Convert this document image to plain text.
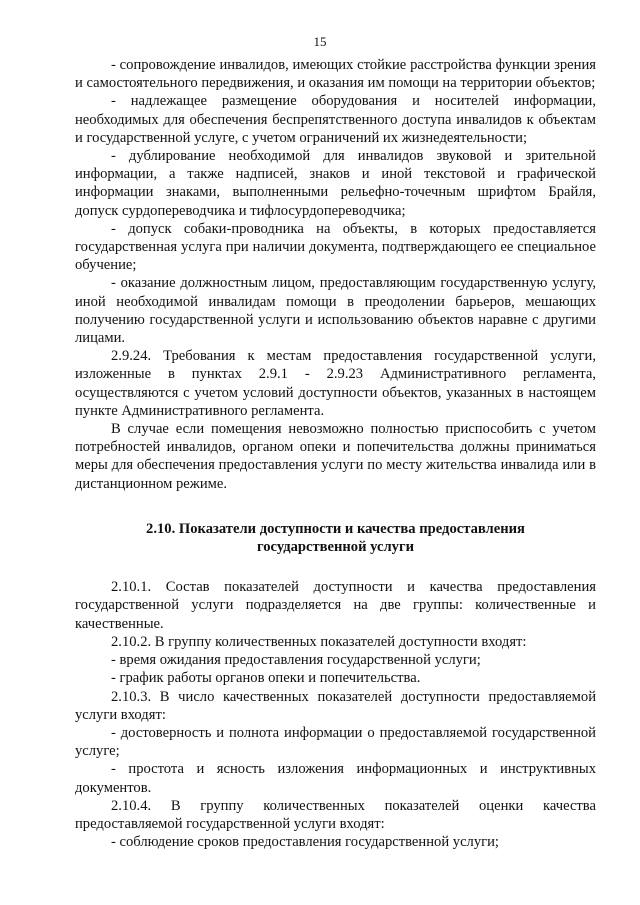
15

- сопровождение инвалидов, имеющих стойкие расстройства функции зрения и самостоятельного передвижения, и оказания им помощи на территории объектов;

- надлежащее размещение оборудования и носителей информации, необходимых для обеспечения беспрепятственного доступа инвалидов к объектам и государственной услуге, с учетом ограничений их жизнедеятельности;

- дублирование необходимой для инвалидов звуковой и зрительной информации, а также надписей, знаков и иной текстовой и графической информации знаками, выполненными рельефно-точечным шрифтом Брайля, допуск сурдопереводчика и тифлосурдопереводчика;

- допуск собаки-проводника на объекты, в которых предоставляется государственная услуга при наличии документа, подтверждающего ее специальное обучение;

- оказание должностным лицом, предоставляющим государственную услугу, иной необходимой инвалидам помощи в преодолении барьеров, мешающих получению государственной услуги и использованию объектов наравне с другими лицами.

2.9.24. Требования к местам предоставления государственной услуги, изложенные в пунктах 2.9.1 - 2.9.23 Административного регламента, осуществляются с учетом условий доступности объектов, указанных в настоящем пункте Административного регламента.

В случае если помещения невозможно полностью приспособить с учетом потребностей инвалидов, органом опеки и попечительства должны приниматься меры для обеспечения предоставления услуги по месту жительства инвалида или в дистанционном режиме.

2.10. Показатели доступности и качества предоставления
государственной услуги

2.10.1. Состав показателей доступности и качества предоставления государственной услуги подразделяется на две группы: количественные и качественные.

2.10.2. В группу количественных показателей доступности входят:

- время ожидания предоставления государственной услуги;

- график работы органов опеки и попечительства.

2.10.3. В число качественных показателей доступности предоставляемой услуги входят:

- достоверность и полнота информации о предоставляемой государственной услуге;

- простота и ясность изложения информационных и инструктивных документов.

2.10.4. В группу количественных показателей оценки качества предоставляемой государственной услуги входят:

- соблюдение сроков предоставления государственной услуги;
